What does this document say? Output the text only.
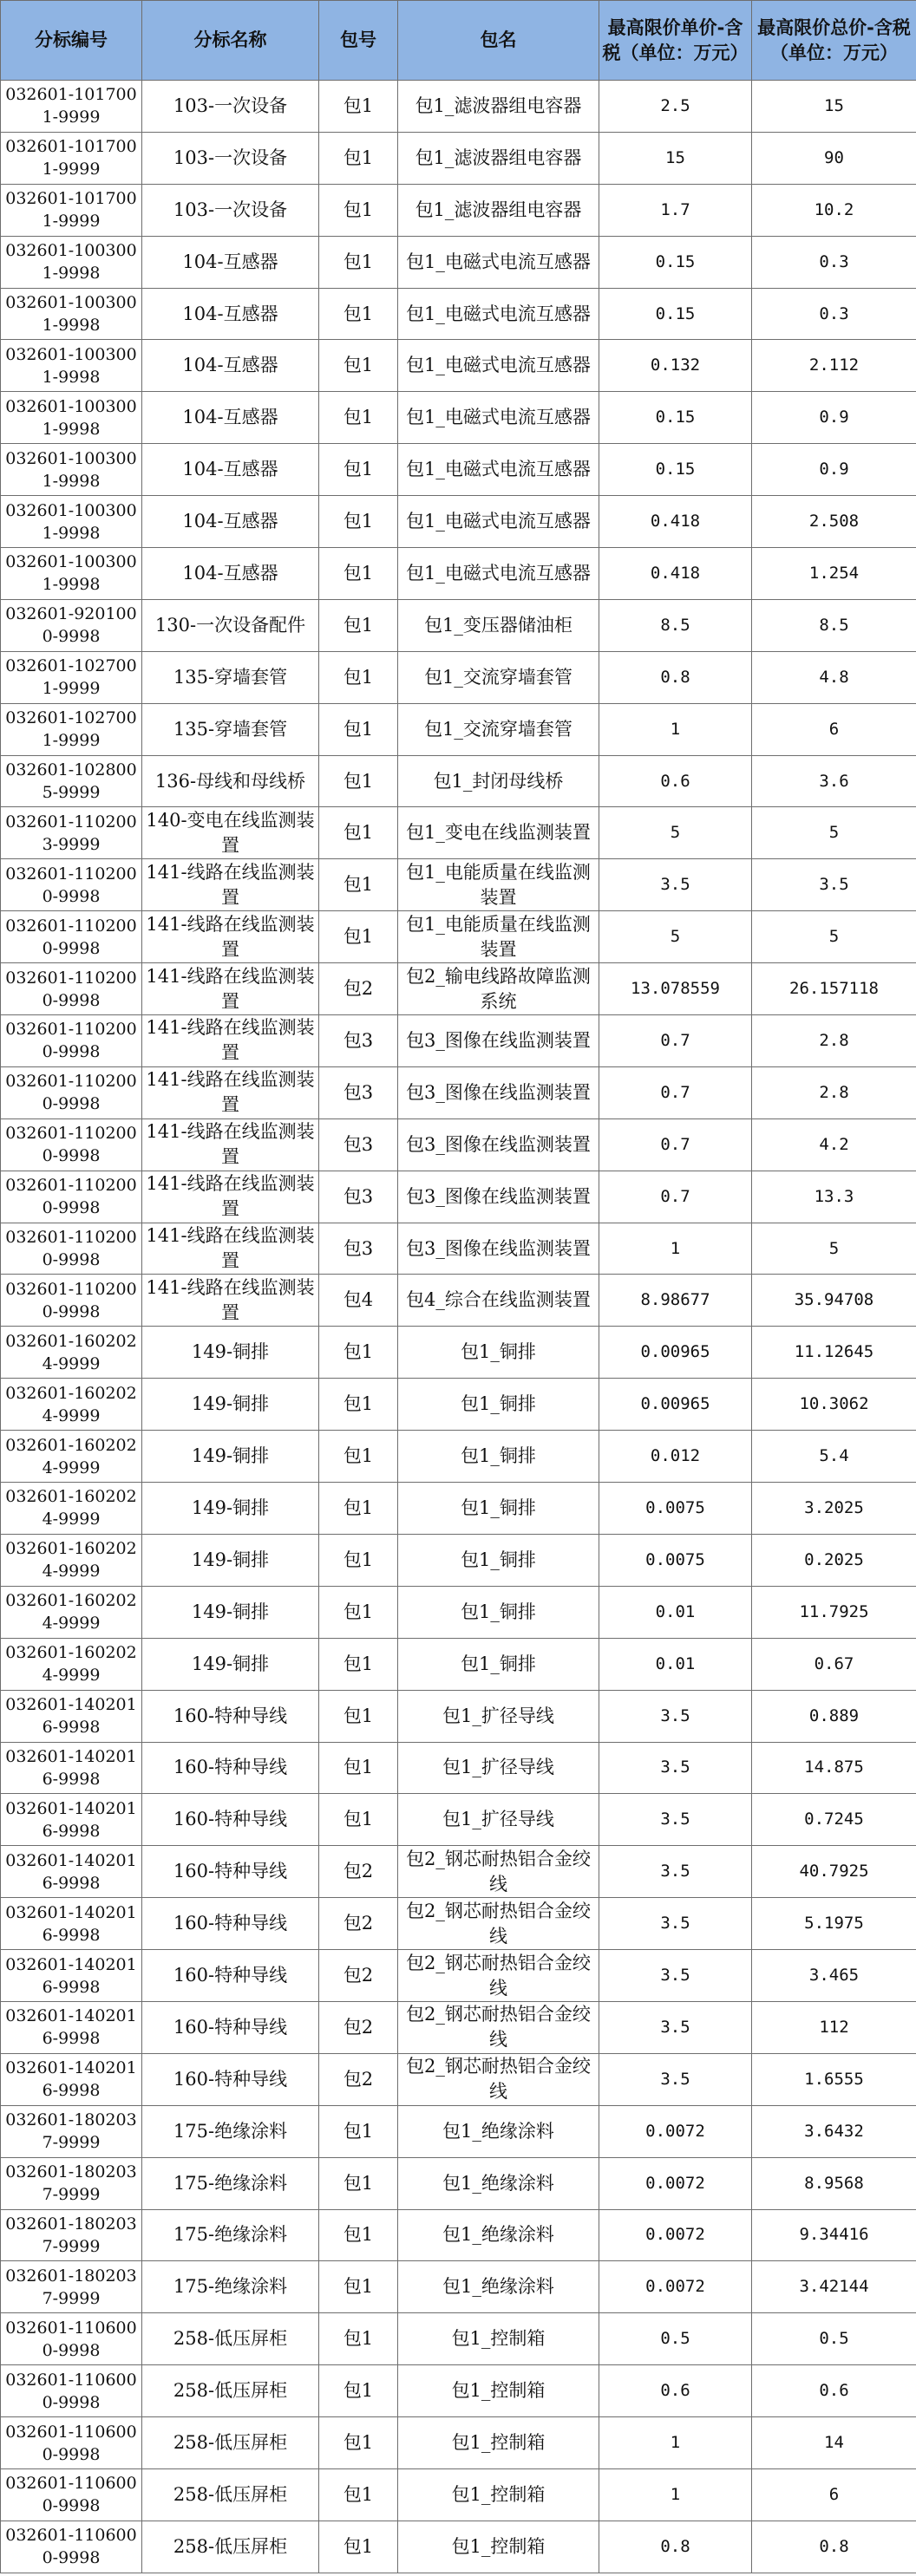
分标编号	分标名称	包号	包名	最高限价单价-含税（单位：万元）	最高限价总价-含税（单位：万元）
032601-1017001-9999	103-一次设备	包1	包1_滤波器组电容器	2.5	15
032601-1017001-9999	103-一次设备	包1	包1_滤波器组电容器	15	90
032601-1017001-9999	103-一次设备	包1	包1_滤波器组电容器	1.7	10.2
032601-1003001-9998	104-互感器	包1	包1_电磁式电流互感器	0.15	0.3
032601-1003001-9998	104-互感器	包1	包1_电磁式电流互感器	0.15	0.3
032601-1003001-9998	104-互感器	包1	包1_电磁式电流互感器	0.132	2.112
032601-1003001-9998	104-互感器	包1	包1_电磁式电流互感器	0.15	0.9
032601-1003001-9998	104-互感器	包1	包1_电磁式电流互感器	0.15	0.9
032601-1003001-9998	104-互感器	包1	包1_电磁式电流互感器	0.418	2.508
032601-1003001-9998	104-互感器	包1	包1_电磁式电流互感器	0.418	1.254
032601-9201000-9998	130-一次设备配件	包1	包1_变压器储油柜	8.5	8.5
032601-1027001-9999	135-穿墙套管	包1	包1_交流穿墙套管	0.8	4.8
032601-1027001-9999	135-穿墙套管	包1	包1_交流穿墙套管	1	6
032601-1028005-9999	136-母线和母线桥	包1	包1_封闭母线桥	0.6	3.6
032601-1102003-9999	140-变电在线监测装置	包1	包1_变电在线监测装置	5	5
032601-1102000-9998	141-线路在线监测装置	包1	包1_电能质量在线监测装置	3.5	3.5
032601-1102000-9998	141-线路在线监测装置	包1	包1_电能质量在线监测装置	5	5
032601-1102000-9998	141-线路在线监测装置	包2	包2_输电线路故障监测系统	13.078559	26.157118
032601-1102000-9998	141-线路在线监测装置	包3	包3_图像在线监测装置	0.7	2.8
032601-1102000-9998	141-线路在线监测装置	包3	包3_图像在线监测装置	0.7	2.8
032601-1102000-9998	141-线路在线监测装置	包3	包3_图像在线监测装置	0.7	4.2
032601-1102000-9998	141-线路在线监测装置	包3	包3_图像在线监测装置	0.7	13.3
032601-1102000-9998	141-线路在线监测装置	包3	包3_图像在线监测装置	1	5
032601-1102000-9998	141-线路在线监测装置	包4	包4_综合在线监测装置	8.98677	35.94708
032601-1602024-9999	149-铜排	包1	包1_铜排	0.00965	11.12645
032601-1602024-9999	149-铜排	包1	包1_铜排	0.00965	10.3062
032601-1602024-9999	149-铜排	包1	包1_铜排	0.012	5.4
032601-1602024-9999	149-铜排	包1	包1_铜排	0.0075	3.2025
032601-1602024-9999	149-铜排	包1	包1_铜排	0.0075	0.2025
032601-1602024-9999	149-铜排	包1	包1_铜排	0.01	11.7925
032601-1602024-9999	149-铜排	包1	包1_铜排	0.01	0.67
032601-1402016-9998	160-特种导线	包1	包1_扩径导线	3.5	0.889
032601-1402016-9998	160-特种导线	包1	包1_扩径导线	3.5	14.875
032601-1402016-9998	160-特种导线	包1	包1_扩径导线	3.5	0.7245
032601-1402016-9998	160-特种导线	包2	包2_钢芯耐热铝合金绞线	3.5	40.7925
032601-1402016-9998	160-特种导线	包2	包2_钢芯耐热铝合金绞线	3.5	5.1975
032601-1402016-9998	160-特种导线	包2	包2_钢芯耐热铝合金绞线	3.5	3.465
032601-1402016-9998	160-特种导线	包2	包2_钢芯耐热铝合金绞线	3.5	112
032601-1402016-9998	160-特种导线	包2	包2_钢芯耐热铝合金绞线	3.5	1.6555
032601-1802037-9999	175-绝缘涂料	包1	包1_绝缘涂料	0.0072	3.6432
032601-1802037-9999	175-绝缘涂料	包1	包1_绝缘涂料	0.0072	8.9568
032601-1802037-9999	175-绝缘涂料	包1	包1_绝缘涂料	0.0072	9.34416
032601-1802037-9999	175-绝缘涂料	包1	包1_绝缘涂料	0.0072	3.42144
032601-1106000-9998	258-低压屏柜	包1	包1_控制箱	0.5	0.5
032601-1106000-9998	258-低压屏柜	包1	包1_控制箱	0.6	0.6
032601-1106000-9998	258-低压屏柜	包1	包1_控制箱	1	14
032601-1106000-9998	258-低压屏柜	包1	包1_控制箱	1	6
032601-1106000-9998	258-低压屏柜	包1	包1_控制箱	0.8	0.8
